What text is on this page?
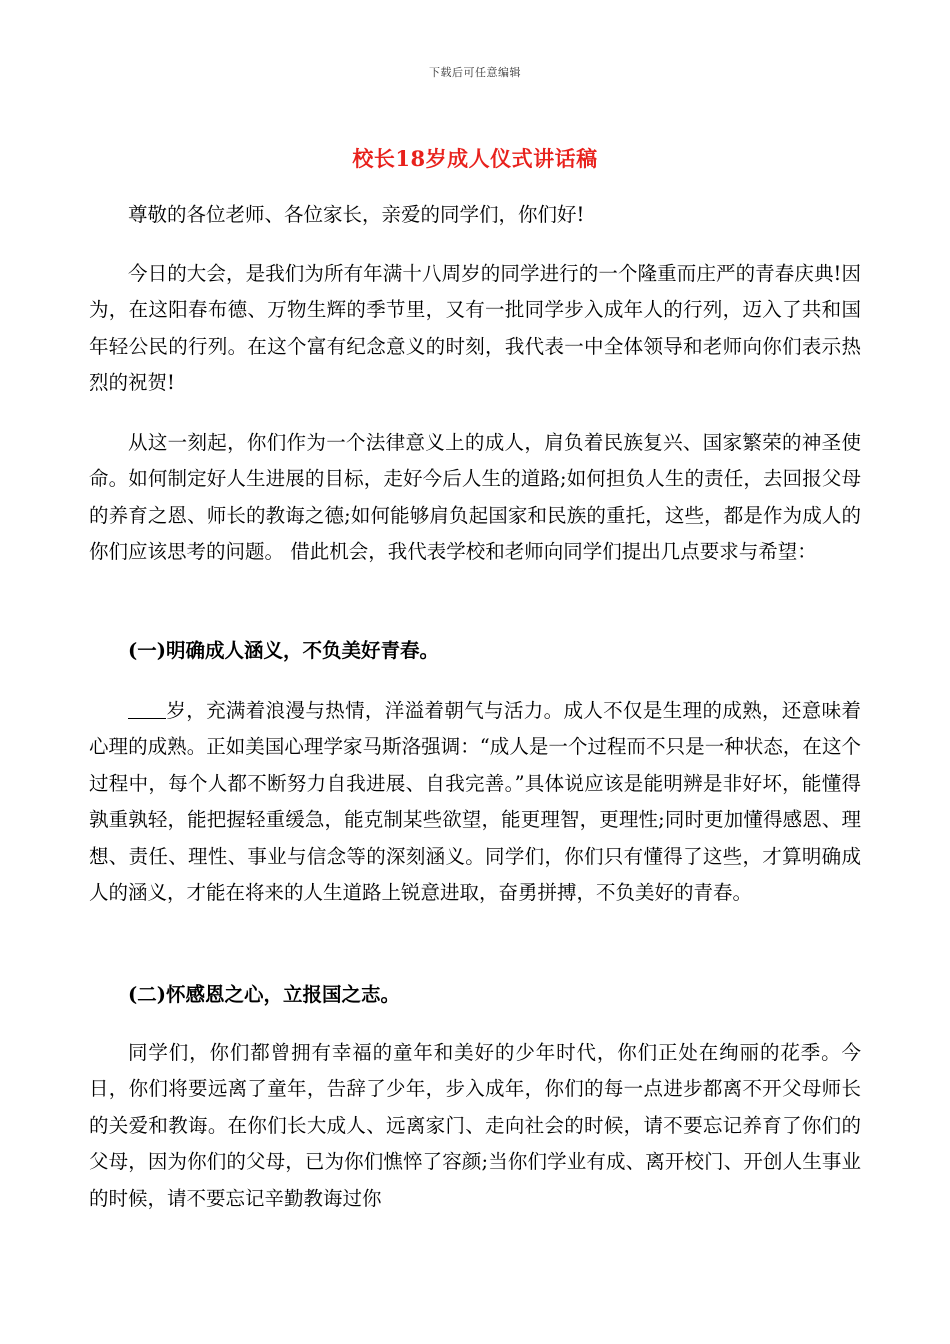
下载后可任意编辑
校长18岁成人仪式讲话稿

尊敬的各位老师、各位家长，亲爱的同学们，你们好!

今日的大会，是我们为所有年满十八周岁的同学进行的一个隆重而庄严的青春庆典!因为，在这阳春布德、万物生辉的季节里，又有一批同学步入成年人的行列，迈入了共和国年轻公民的行列。在这个富有纪念意义的时刻，我代表一中全体领导和老师向你们表示热烈的祝贺!

从这一刻起，你们作为一个法律意义上的成人，肩负着民族复兴、国家繁荣的神圣使命。如何制定好人生进展的目标，走好今后人生的道路;如何担负人生的责任，去回报父母的养育之恩、师长的教诲之德;如何能够肩负起国家和民族的重托，这些，都是作为成人的你们应该思考的问题。 借此机会，我代表学校和老师向同学们提出几点要求与希望：

(一)明确成人涵义，不负美好青春。

岁，充满着浪漫与热情，洋溢着朝气与活力。成人不仅是生理的成熟，还意味着心理的成熟。正如美国心理学家马斯洛强调：“成人是一个过程而不只是一种状态，在这个过程中，每个人都不断努力自我进展、自我完善。”具体说应该是能明辨是非好坏，能懂得孰重孰轻，能把握轻重缓急，能克制某些欲望，能更理智，更理性;同时更加懂得感恩、理想、责任、理性、事业与信念等的深刻涵义。同学们，你们只有懂得了这些，才算明确成人的涵义，才能在将来的人生道路上锐意进取，奋勇拼搏，不负美好的青春。

(二)怀感恩之心，立报国之志。

同学们，你们都曾拥有幸福的童年和美好的少年时代，你们正处在绚丽的花季。今日，你们将要远离了童年，告辞了少年，步入成年，你们的每一点进步都离不开父母师长的关爱和教诲。在你们长大成人、远离家门、走向社会的时候，请不要忘记养育了你们的父母，因为你们的父母，已为你们憔悴了容颜;当你们学业有成、离开校门、开创人生事业的时候，请不要忘记辛勤教诲过你
